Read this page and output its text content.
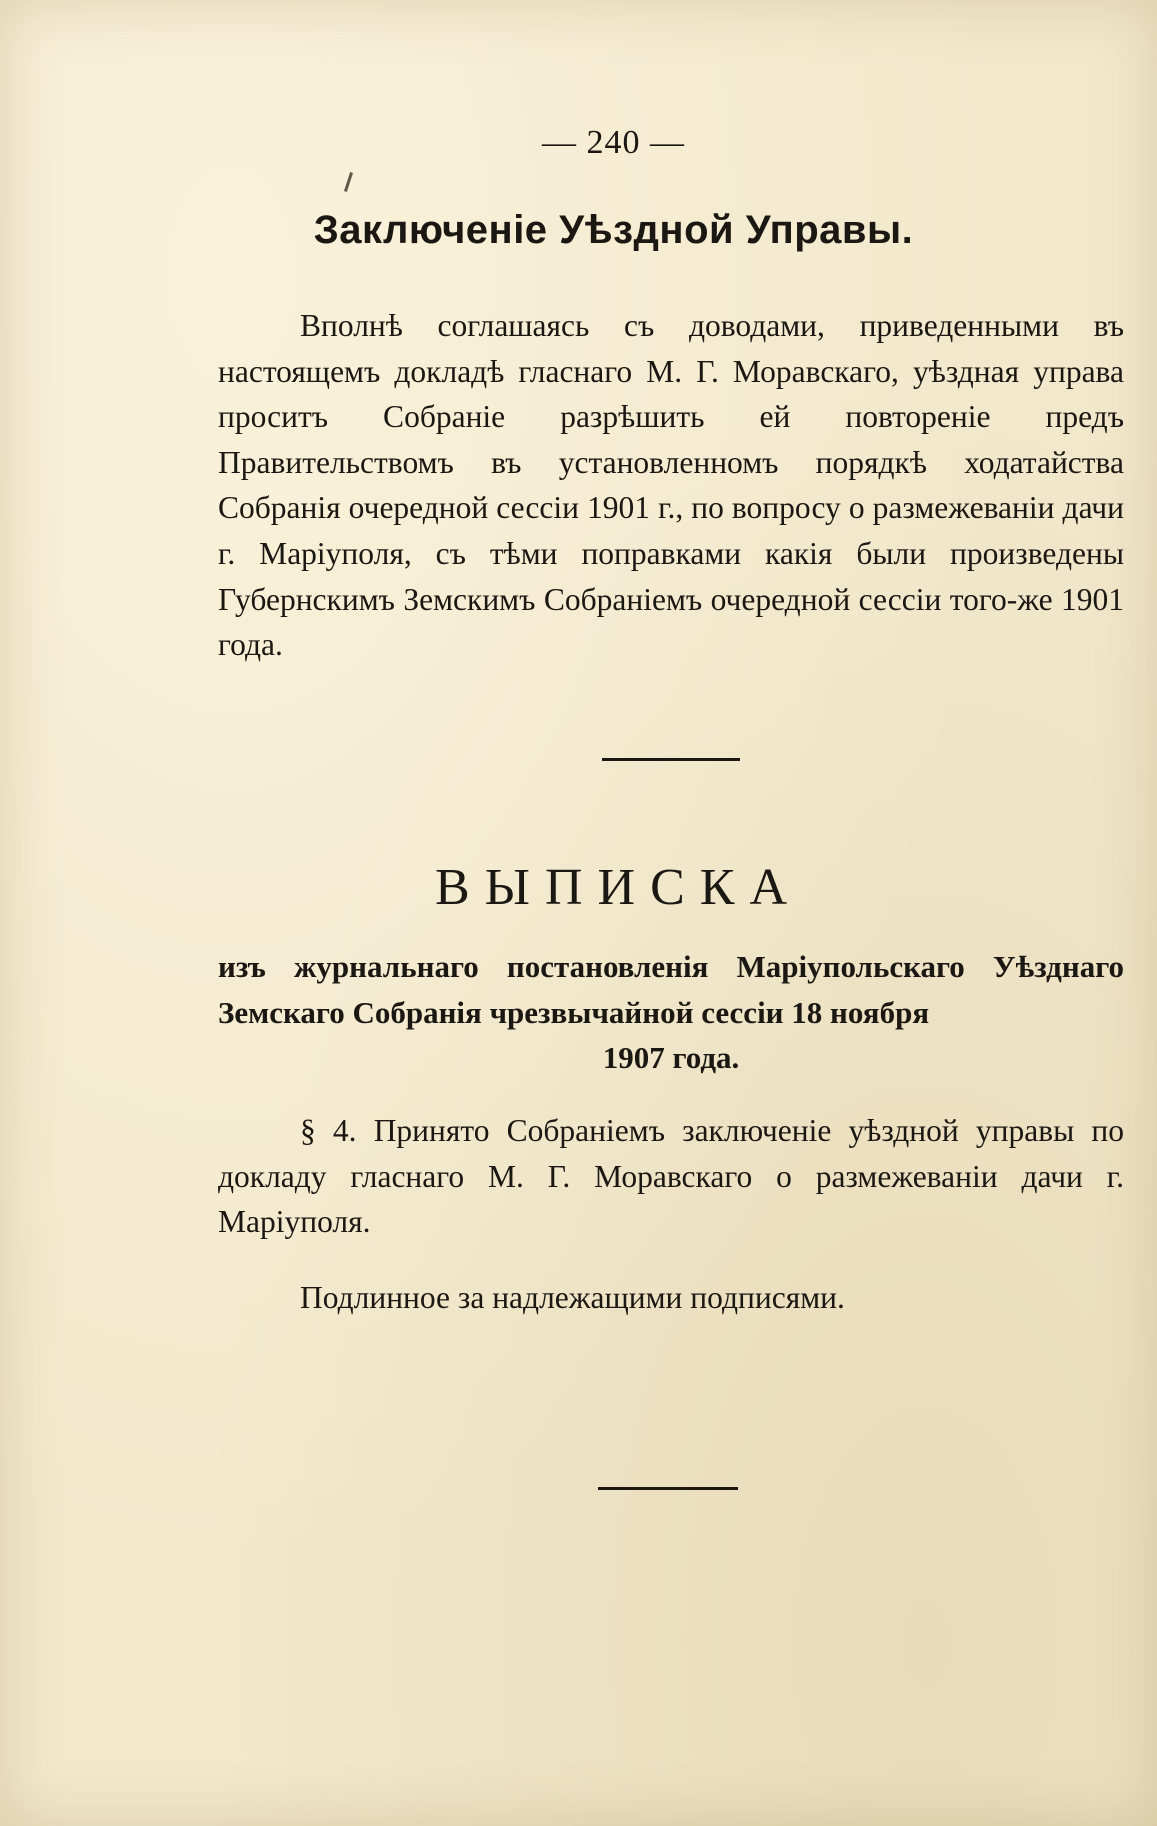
— 240 —
Заключеніе Уѣздной Управы.
Вполнѣ соглашаясь съ доводами, приведенными въ настоящемъ докладѣ гласнаго М. Г. Моравскаго, уѣздная управа проситъ Собраніе разрѣшить ей повтореніе предъ Правительствомъ въ установленномъ порядкѣ ходатайства Собранія очередной сессіи 1901 г., по вопросу о размежеваніи дачи г. Маріуполя, съ тѣми поправками какія были произведены Губернскимъ Земскимъ Собраніемъ очередной сессіи того-же 1901 года.
ВЫПИСКА
изъ журнальнаго постановленія Маріупольскаго Уѣзднаго Земскаго Собранія чрезвычайной сессіи 18 ноября
1907 года.
§ 4. Принято Собраніемъ заключеніе уѣздной управы по докладу гласнаго М. Г. Моравскаго о размежеваніи дачи г. Маріуполя.
Подлинное за надлежащими подписями.
